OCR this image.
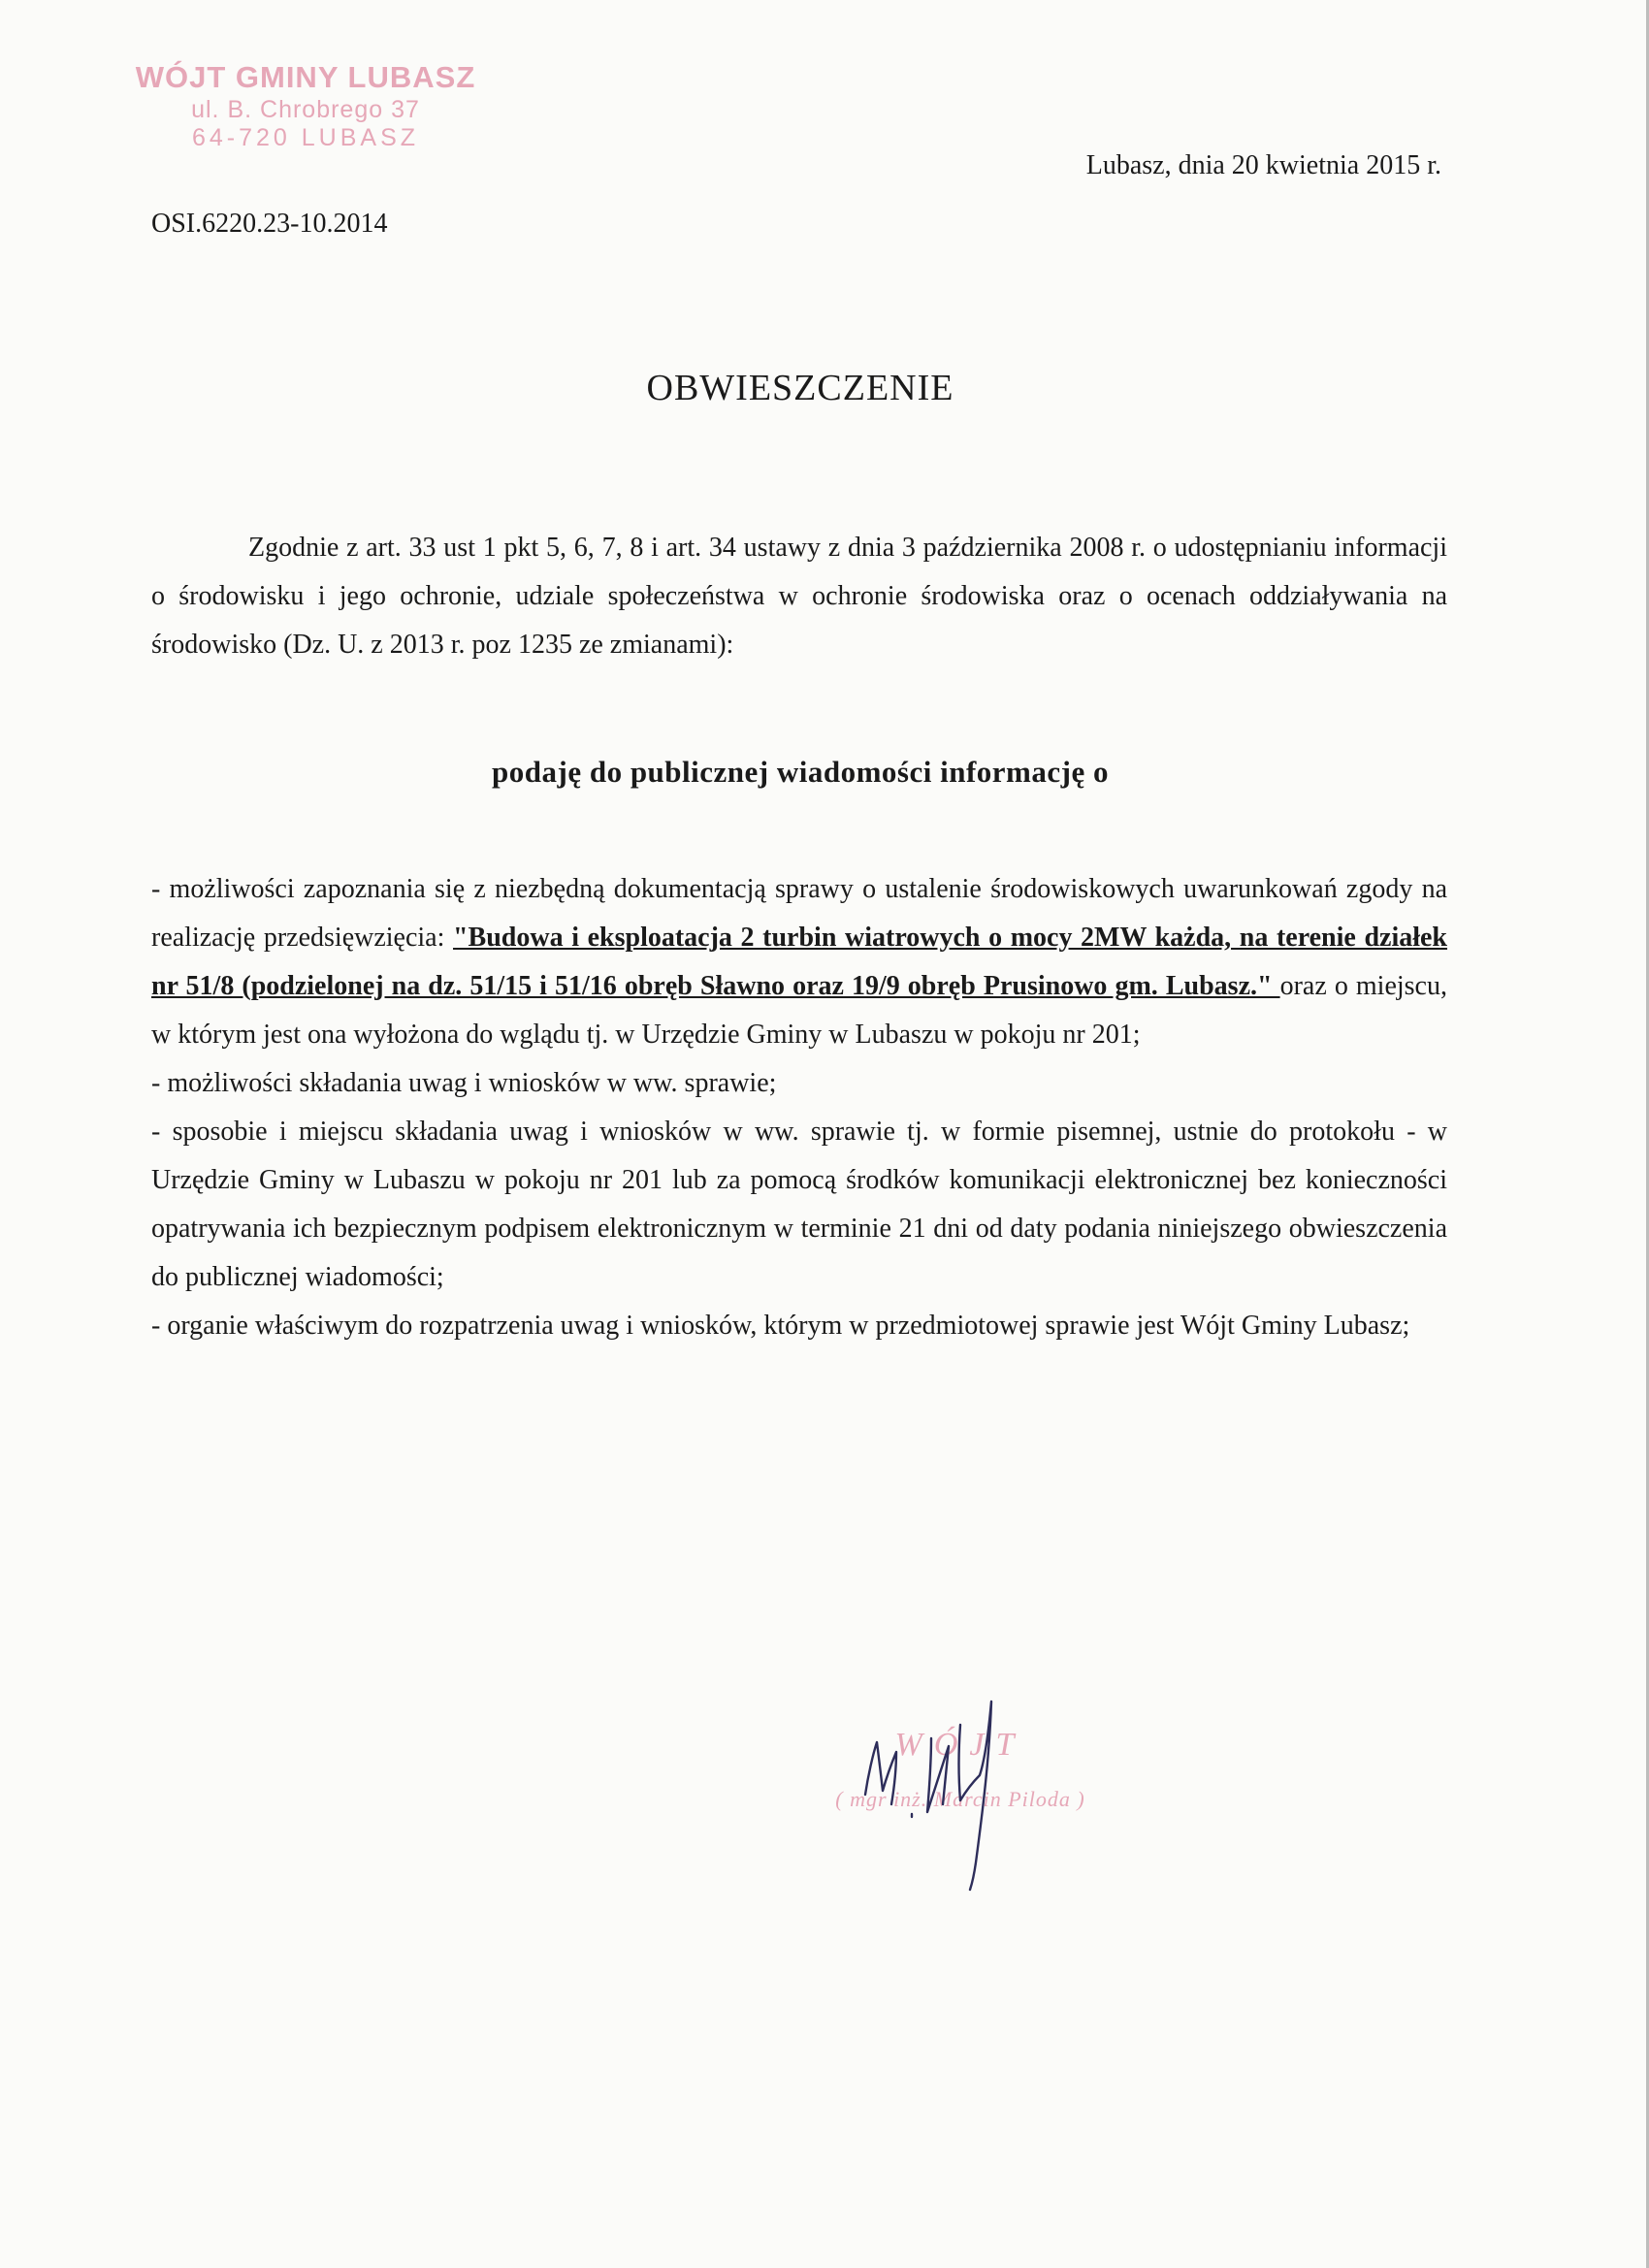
WÓJT GMINY LUBASZ
ul. B. Chrobrego 37
64-720 LUBASZ
Lubasz, dnia 20 kwietnia 2015 r.
OSI.6220.23-10.2014
OBWIESZCZENIE

Zgodnie z art. 33 ust 1 pkt 5, 6, 7, 8 i art. 34 ustawy z dnia 3 października 2008 r. o udostępnianiu informacji o środowisku i jego ochronie, udziale społeczeństwa w ochronie środowiska oraz o ocenach oddziaływania na środowisko (Dz. U. z 2013 r. poz 1235 ze zmianami):

podaję do publicznej wiadomości informację o
- możliwości zapoznania się z niezbędną dokumentacją sprawy o ustalenie środowiskowych uwarunkowań zgody na realizację przedsięwzięcia: "Budowa i eksploatacja 2 turbin wiatrowych o mocy 2MW każda, na terenie działek nr 51/8 (podzielonej na dz. 51/15 i 51/16 obręb Sławno oraz 19/9 obręb Prusinowo gm. Lubasz." oraz o miejscu, w którym jest ona wyłożona do wglądu tj. w Urzędzie Gminy w Lubaszu w pokoju nr 201;
- możliwości składania uwag i wniosków w ww. sprawie;
- sposobie i miejscu składania uwag i wniosków w ww. sprawie tj. w formie pisemnej, ustnie do protokołu - w Urzędzie Gminy w Lubaszu w pokoju nr 201 lub za pomocą środków komunikacji elektronicznej bez konieczności opatrywania ich bezpiecznym podpisem elektronicznym w terminie 21 dni od daty podania niniejszego obwieszczenia do publicznej wiadomości;
- organie właściwym do rozpatrzenia uwag i wniosków, którym w przedmiotowej sprawie jest Wójt Gminy Lubasz;
WÓJT
( mgr inż. Marcin Piloda )
